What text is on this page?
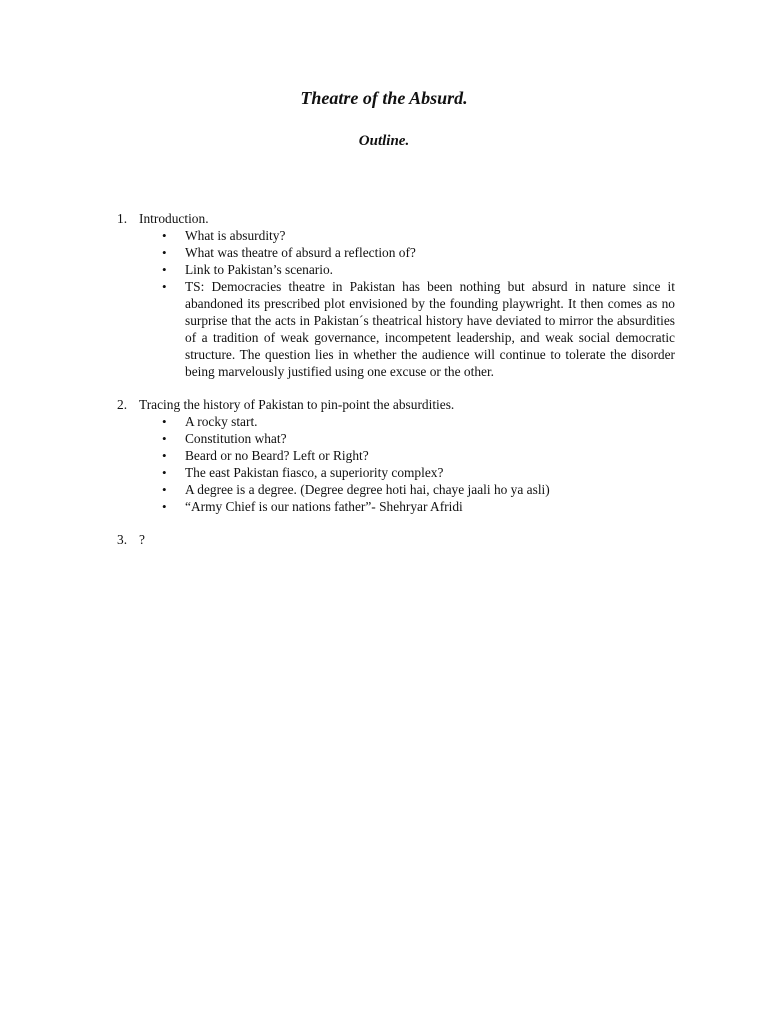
Theatre of the Absurd.
Outline.
1. Introduction.
•	What is absurdity?
•	What was theatre of absurd a reflection of?
•	Link to Pakistan’s scenario.
•	TS: Democracies theatre in Pakistan has been nothing but absurd in nature since it abandoned its prescribed plot envisioned by the founding playwright. It then comes as no surprise that the acts in Pakistan´s theatrical history have deviated to mirror the absurdities of a tradition of weak governance, incompetent leadership, and weak social democratic structure. The question lies in whether the audience will continue to tolerate the disorder being marvelously justified using one excuse or the other.
2. Tracing the history of Pakistan to pin-point the absurdities.
•	A rocky start.
•	Constitution what?
•	Beard or no Beard? Left or Right?
•	The east Pakistan fiasco, a superiority complex?
•	A degree is a degree. (Degree degree hoti hai, chaye jaali ho ya asli)
•	“Army Chief is our nations father”- Shehryar Afridi
3. ?
